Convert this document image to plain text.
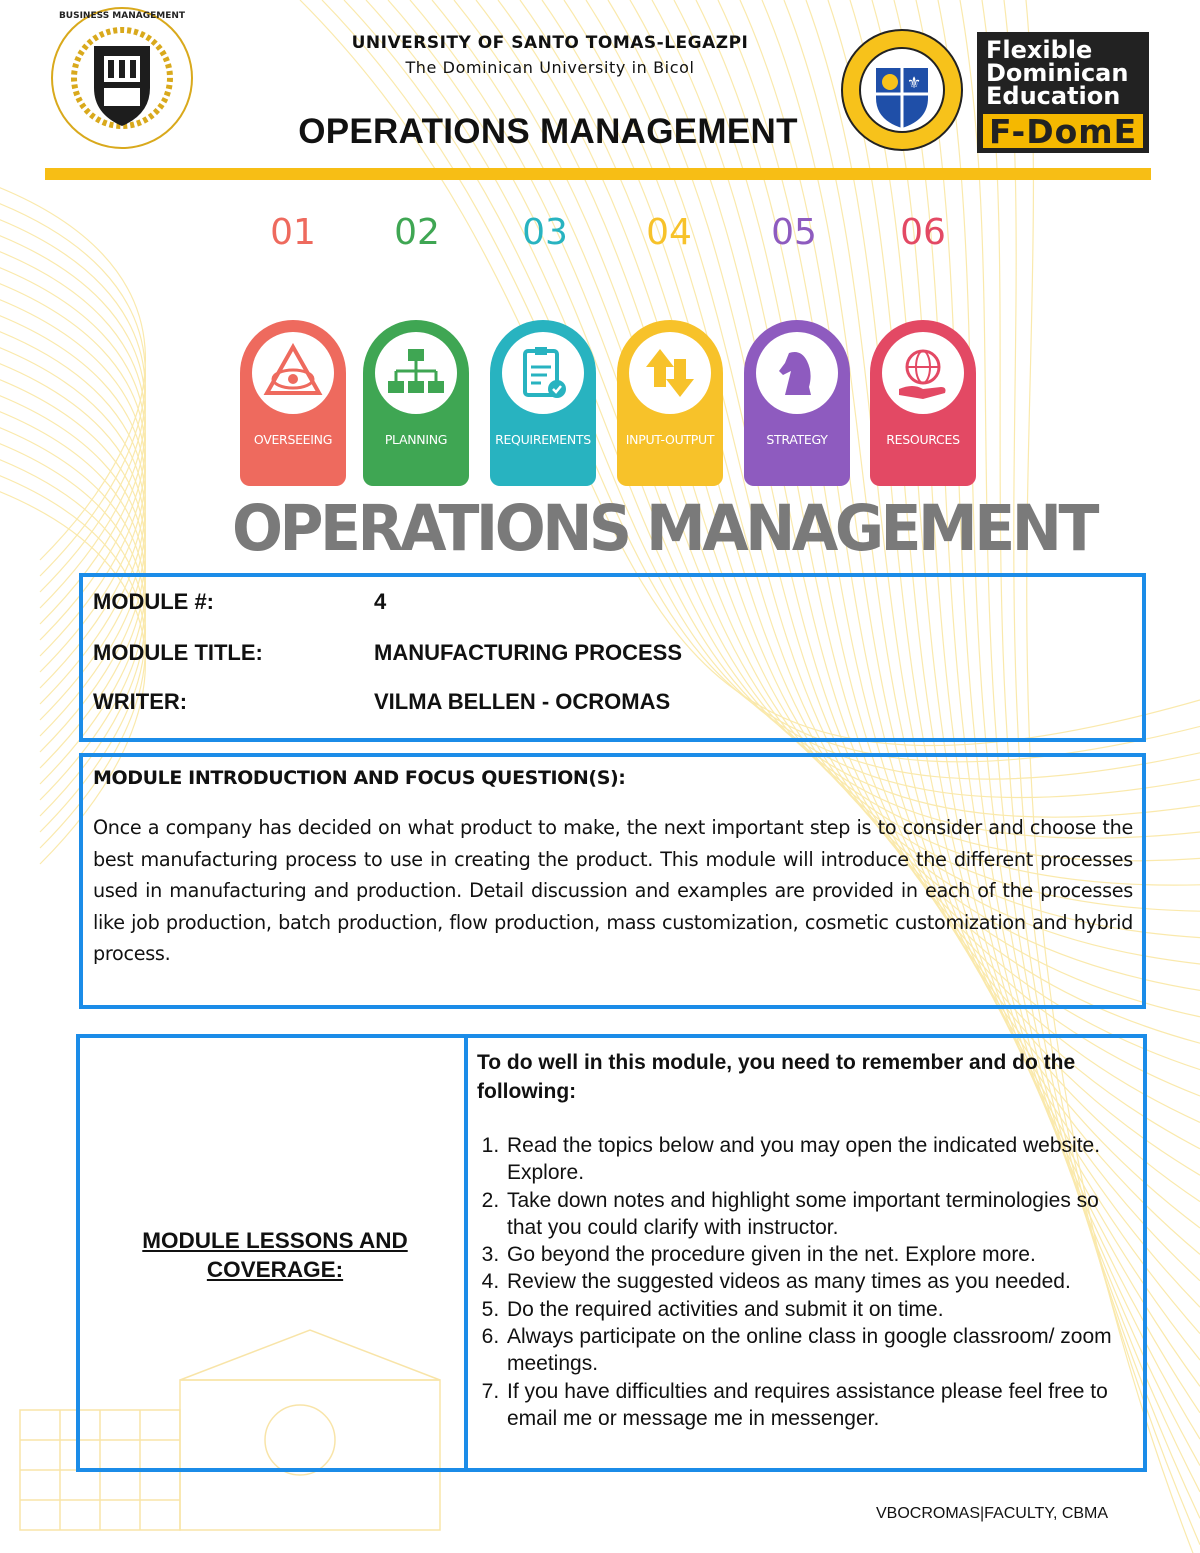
BUSINESS MANAGEMENT
UNIVERSITY OF SANTO TOMAS-LEGAZPI
The Dominican University in Bicol
OPERATIONS MANAGEMENT
⚜
Flexible
Dominican
Education
F-DomE
01	02	03	04	05	06
OVERSEEING	PLANNING	REQUIREMENTS	INPUT-OUTPUT	STRATEGY	RESOURCES
OPERATIONS MANAGEMENT
MODULE #:	4
MODULE TITLE:	MANUFACTURING PROCESS
WRITER:	VILMA BELLEN - OCROMAS
MODULE INTRODUCTION AND FOCUS QUESTION(S):
Once a company has decided on what product to make, the next important step is to consider and choose the best manufacturing process to use in creating the product. This module will introduce the different processes used in manufacturing and production. Detail discussion and examples are provided in each of the processes like job production, batch production, flow production, mass customization, cosmetic customization and hybrid process.
MODULE LESSONS AND COVERAGE:
To do well in this module, you need to remember and do the following:
1. Read the topics below and you may open the indicated website. Explore.
2. Take down notes and highlight some important terminologies so that you could clarify with instructor.
3. Go beyond the procedure given in the net. Explore more.
4. Review the suggested videos as many times as you needed.
5. Do the required activities and submit it on time.
6. Always participate on the online class in google classroom/ zoom meetings.
7. If you have difficulties and requires assistance please feel free to email me or message me in messenger.
VBOCROMAS|FACULTY, CBMA
